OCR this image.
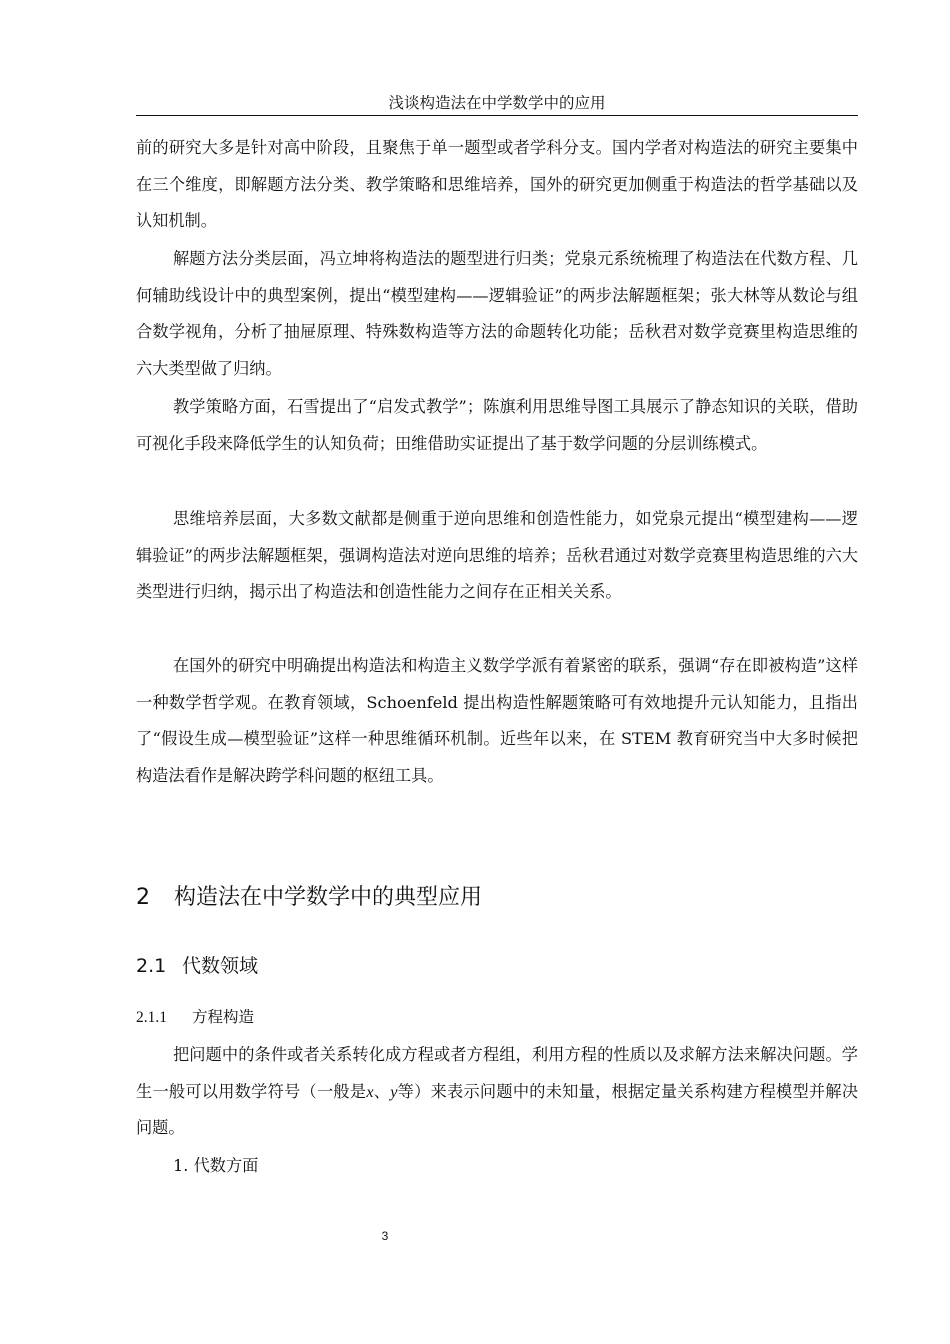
浅谈构造法在中学数学中的应用

前的研究大多是针对高中阶段，且聚焦于单一题型或者学科分支。国内学者对构造法的研究主要集中在三个维度，即解题方法分类、教学策略和思维培养，国外的研究更加侧重于构造法的哲学基础以及认知机制。

解题方法分类层面，冯立坤将构造法的题型进行归类；党泉元系统梳理了构造法在代数方程、几何辅助线设计中的典型案例，提出“模型建构——逻辑验证”的两步法解题框架；张大林等从数论与组合数学视角，分析了抽屉原理、特殊数构造等方法的命题转化功能；岳秋君对数学竞赛里构造思维的六大类型做了归纳。

教学策略方面，石雪提出了“启发式教学”；陈旗利用思维导图工具展示了静态知识的关联，借助可视化手段来降低学生的认知负荷；田维借助实证提出了基于数学问题的分层训练模式。

思维培养层面，大多数文献都是侧重于逆向思维和创造性能力，如党泉元提出“模型建构——逻辑验证”的两步法解题框架，强调构造法对逆向思维的培养；岳秋君通过对数学竞赛里构造思维的六大类型进行归纳，揭示出了构造法和创造性能力之间存在正相关关系。

在国外的研究中明确提出构造法和构造主义数学学派有着紧密的联系，强调“存在即被构造”这样一种数学哲学观。在教育领域，Schoenfeld 提出构造性解题策略可有效地提升元认知能力，且指出了“假设生成—模型验证”这样一种思维循环机制。近些年以来，在 STEM 教育研究当中大多时候把构造法看作是解决跨学科问题的枢纽工具。

2 构造法在中学数学中的典型应用
2.1 代数领域
2.1.1 方程构造

把问题中的条件或者关系转化成方程或者方程组，利用方程的性质以及求解方法来解决问题。学生一般可以用数学符号（一般是x、y等）来表示问题中的未知量，根据定量关系构建方程模型并解决问题。

1. 代数方面

3
